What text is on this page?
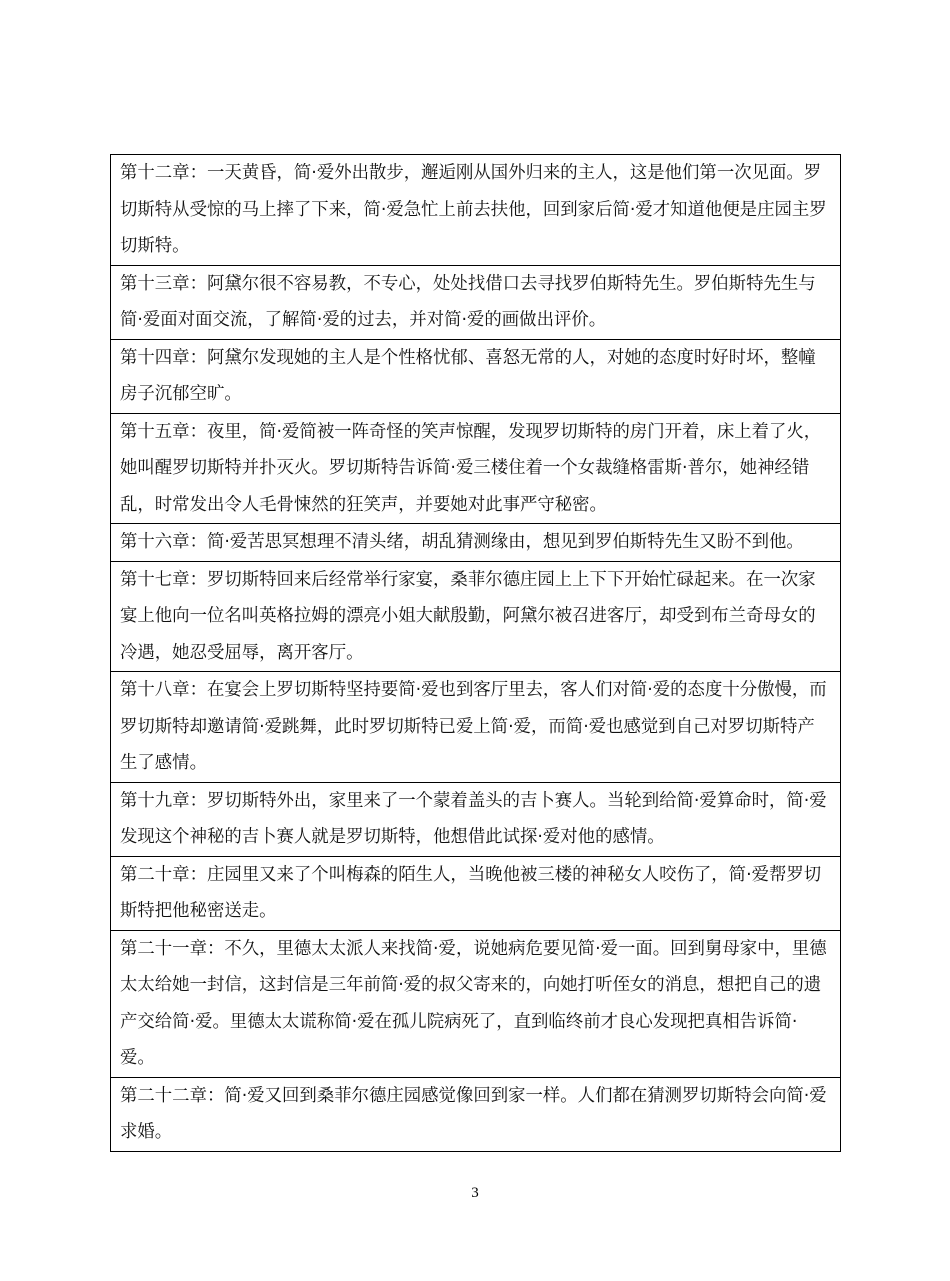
第十二章：一天黄昏，简·爱外出散步，邂逅刚从国外归来的主人，这是他们第一次见面。罗切斯特从受惊的马上摔了下来，简·爱急忙上前去扶他，回到家后简·爱才知道他便是庄园主罗切斯特。
第十三章：阿黛尔很不容易教，不专心，处处找借口去寻找罗伯斯特先生。罗伯斯特先生与简·爱面对面交流，了解简·爱的过去，并对简·爱的画做出评价。
第十四章：阿黛尔发现她的主人是个性格忧郁、喜怒无常的人，对她的态度时好时坏，整幢房子沉郁空旷。
第十五章：夜里，简·爱简被一阵奇怪的笑声惊醒，发现罗切斯特的房门开着，床上着了火，她叫醒罗切斯特并扑灭火。罗切斯特告诉简·爱三楼住着一个女裁缝格雷斯·普尔，她神经错乱，时常发出令人毛骨悚然的狂笑声，并要她对此事严守秘密。
第十六章：简·爱苦思冥想理不清头绪，胡乱猜测缘由，想见到罗伯斯特先生又盼不到他。
第十七章：罗切斯特回来后经常举行家宴，桑菲尔德庄园上上下下开始忙碌起来。在一次家宴上他向一位名叫英格拉姆的漂亮小姐大献殷勤，阿黛尔被召进客厅，却受到布兰奇母女的冷遇，她忍受屈辱，离开客厅。
第十八章：在宴会上罗切斯特坚持要简·爱也到客厅里去，客人们对简·爱的态度十分傲慢，而罗切斯特却邀请简·爱跳舞，此时罗切斯特已爱上简·爱，而简·爱也感觉到自己对罗切斯特产生了感情。
第十九章：罗切斯特外出，家里来了一个蒙着盖头的吉卜赛人。当轮到给简·爱算命时，简·爱发现这个神秘的吉卜赛人就是罗切斯特，他想借此试探·爱对他的感情。
第二十章：庄园里又来了个叫梅森的陌生人，当晚他被三楼的神秘女人咬伤了，简·爱帮罗切斯特把他秘密送走。
第二十一章：不久，里德太太派人来找简·爱，说她病危要见简·爱一面。回到舅母家中，里德太太给她一封信，这封信是三年前简·爱的叔父寄来的，向她打听侄女的消息，想把自己的遗产交给简·爱。里德太太谎称简·爱在孤儿院病死了，直到临终前才良心发现把真相告诉简·爱。
第二十二章：简·爱又回到桑菲尔德庄园感觉像回到家一样。人们都在猜测罗切斯特会向简·爱求婚。
3
